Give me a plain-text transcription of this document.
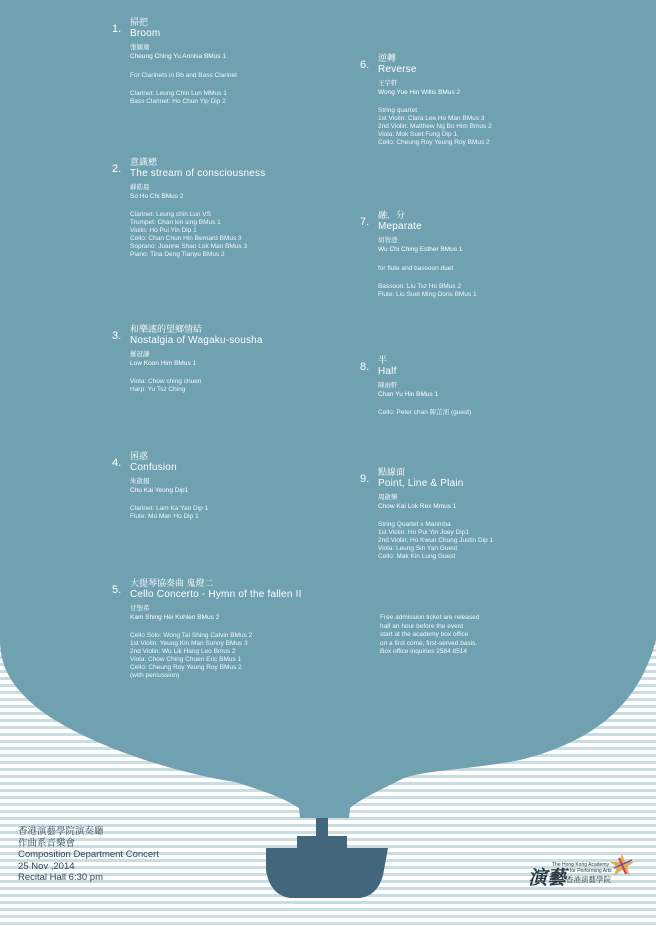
1.
掃把
Broom
張穎瑜
Cheung Ching Yu Annisa BMus 1
For Clarinets in Bb and Bass Clarinet
Clarinet: Leung Chin Lun MMus 1
Bass Clarinet: Ho Chun Yip Dip 2
2.
意識槵
The stream of consciousness
蘇皓晨
So Ho Chi BMus 2
Clarinet: Leung chin Lun VS
Trumpet: Chan kin sing BMus 1
Violin: Ho Pui Yin Dip 1
Cello: Chan Chun Hin Bernard BMus 3
Soprano: Joanne Shao Lok Man BMus 3
Piano: Tina Deng Tianyu BMus 2
3.
和樂謠的望鄉情結
Nostalgia of Wagaku-sousha
羅冠謙
Low Koon Him BMus 1
Viola: Chow ching chuen
Harp: Yu Tsz Ching
4.
困惑
Confusion
朱啟揚
Chu Kai Yeung Dip1
Clarinet: Lam Ka Yan Dip 1
Flute: Mo Man Ho Dip 1
5.
大提琴協奏曲 鬼燈二
Cello Concerto - Hymn of the fallen II
甘聖希
Kam Shing Hei Kohlen BMus 2
Cello Solo: Wong Tai Shing Calvin BMus 2
1st Violin: Yeung Kin Man Sunny BMus 3
2nd Violin: Wu Lik Hang Leo Bmus 2
Viola: Chow Ching Chuen Eric BMus 1
Cello: Cheung Roy Yeung Roy BMus 2
(with percussion)
6.
逆轉
Reverse
王宇軒
Wong Yue Hin Willis BMus 2
String quartet
1st Violin: Clara Lee Ho Man BMus 3
2nd Violin: Matthew Ng Bo Him Bmus 2
Viola: Mok Suet Fung Dip 1
Cello: Cheung Roy Yeung Roy BMus 2
7.
融．分
Meparate
胡智澄
Wu Chi Ching Esther BMus 1
for flute and bassoon duet
Bassoon: Liu Tsz Ho BMus 2
Flute: Liu Suet Ming Doris BMus 1
8.
半
Half
陳雨軒
Chan Yu Hin BMus 1
Cello: Peter chan 陳芷沺 (guest)
9.
點線面
Point, Line & Plain
周啟樂
Chow Kai Lok Rex Mmus 1
String Quartet x Marimba
1st Violin: Ho Pui Yin Joey Dip1
2nd Violin: Ho Kwun Chung Justin Dip 1
Viola: Leung Sin Yan Guest
Cello: Mak Kin Lung Guest
Free admission ticket are released
half an hour before the event
start at the academy box office
on a first come, first-served basis.
Box office inquiries 2584 8514
香港演藝學院演奏廳
作曲系音樂會
Composition Department Concert
25 Nov ,2014
Recital Hall 6:30 pm	演藝
The Hong Kong Academy
for Performing Arts
香港演藝學院
